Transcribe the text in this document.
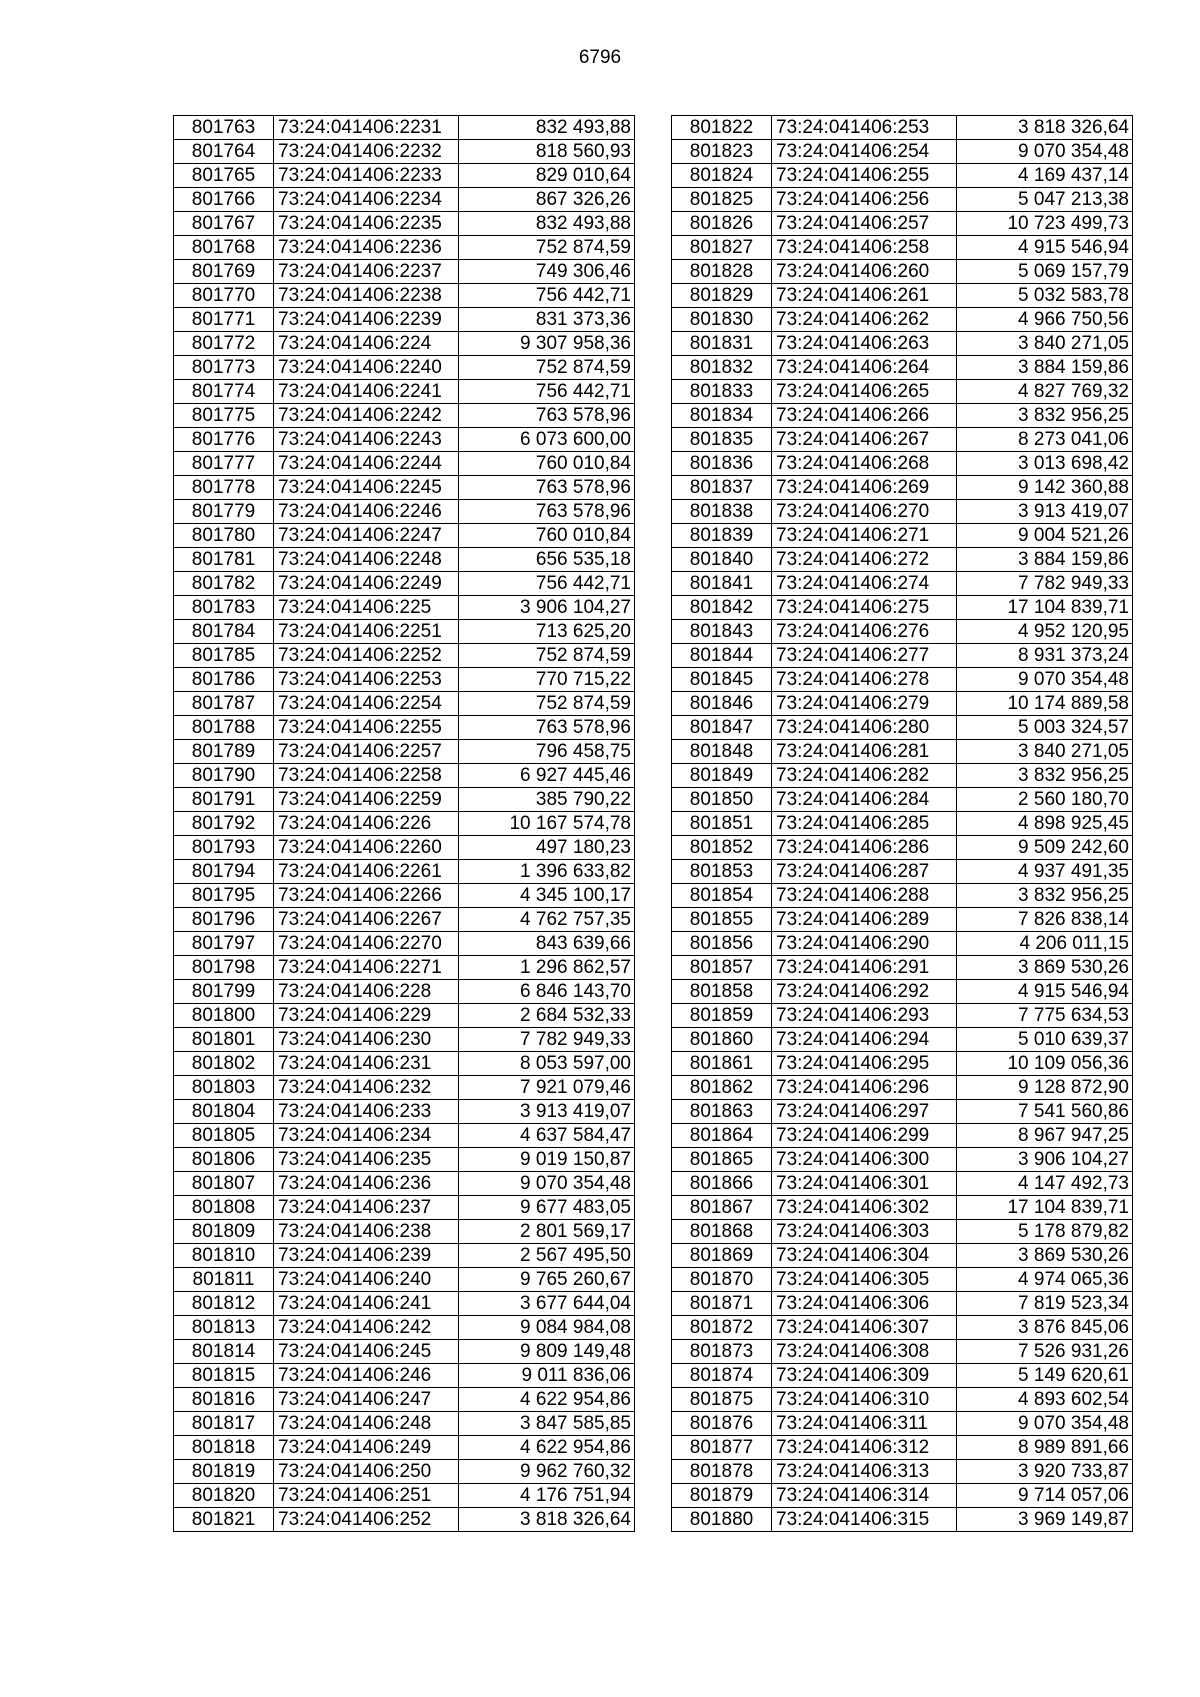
6796
801763	73:24:041406:2231	832 493,88
801764	73:24:041406:2232	818 560,93
801765	73:24:041406:2233	829 010,64
801766	73:24:041406:2234	867 326,26
801767	73:24:041406:2235	832 493,88
801768	73:24:041406:2236	752 874,59
801769	73:24:041406:2237	749 306,46
801770	73:24:041406:2238	756 442,71
801771	73:24:041406:2239	831 373,36
801772	73:24:041406:224	9 307 958,36
801773	73:24:041406:2240	752 874,59
801774	73:24:041406:2241	756 442,71
801775	73:24:041406:2242	763 578,96
801776	73:24:041406:2243	6 073 600,00
801777	73:24:041406:2244	760 010,84
801778	73:24:041406:2245	763 578,96
801779	73:24:041406:2246	763 578,96
801780	73:24:041406:2247	760 010,84
801781	73:24:041406:2248	656 535,18
801782	73:24:041406:2249	756 442,71
801783	73:24:041406:225	3 906 104,27
801784	73:24:041406:2251	713 625,20
801785	73:24:041406:2252	752 874,59
801786	73:24:041406:2253	770 715,22
801787	73:24:041406:2254	752 874,59
801788	73:24:041406:2255	763 578,96
801789	73:24:041406:2257	796 458,75
801790	73:24:041406:2258	6 927 445,46
801791	73:24:041406:2259	385 790,22
801792	73:24:041406:226	10 167 574,78
801793	73:24:041406:2260	497 180,23
801794	73:24:041406:2261	1 396 633,82
801795	73:24:041406:2266	4 345 100,17
801796	73:24:041406:2267	4 762 757,35
801797	73:24:041406:2270	843 639,66
801798	73:24:041406:2271	1 296 862,57
801799	73:24:041406:228	6 846 143,70
801800	73:24:041406:229	2 684 532,33
801801	73:24:041406:230	7 782 949,33
801802	73:24:041406:231	8 053 597,00
801803	73:24:041406:232	7 921 079,46
801804	73:24:041406:233	3 913 419,07
801805	73:24:041406:234	4 637 584,47
801806	73:24:041406:235	9 019 150,87
801807	73:24:041406:236	9 070 354,48
801808	73:24:041406:237	9 677 483,05
801809	73:24:041406:238	2 801 569,17
801810	73:24:041406:239	2 567 495,50
801811	73:24:041406:240	9 765 260,67
801812	73:24:041406:241	3 677 644,04
801813	73:24:041406:242	9 084 984,08
801814	73:24:041406:245	9 809 149,48
801815	73:24:041406:246	9 011 836,06
801816	73:24:041406:247	4 622 954,86
801817	73:24:041406:248	3 847 585,85
801818	73:24:041406:249	4 622 954,86
801819	73:24:041406:250	9 962 760,32
801820	73:24:041406:251	4 176 751,94
801821	73:24:041406:252	3 818 326,64
801822	73:24:041406:253	3 818 326,64
801823	73:24:041406:254	9 070 354,48
801824	73:24:041406:255	4 169 437,14
801825	73:24:041406:256	5 047 213,38
801826	73:24:041406:257	10 723 499,73
801827	73:24:041406:258	4 915 546,94
801828	73:24:041406:260	5 069 157,79
801829	73:24:041406:261	5 032 583,78
801830	73:24:041406:262	4 966 750,56
801831	73:24:041406:263	3 840 271,05
801832	73:24:041406:264	3 884 159,86
801833	73:24:041406:265	4 827 769,32
801834	73:24:041406:266	3 832 956,25
801835	73:24:041406:267	8 273 041,06
801836	73:24:041406:268	3 013 698,42
801837	73:24:041406:269	9 142 360,88
801838	73:24:041406:270	3 913 419,07
801839	73:24:041406:271	9 004 521,26
801840	73:24:041406:272	3 884 159,86
801841	73:24:041406:274	7 782 949,33
801842	73:24:041406:275	17 104 839,71
801843	73:24:041406:276	4 952 120,95
801844	73:24:041406:277	8 931 373,24
801845	73:24:041406:278	9 070 354,48
801846	73:24:041406:279	10 174 889,58
801847	73:24:041406:280	5 003 324,57
801848	73:24:041406:281	3 840 271,05
801849	73:24:041406:282	3 832 956,25
801850	73:24:041406:284	2 560 180,70
801851	73:24:041406:285	4 898 925,45
801852	73:24:041406:286	9 509 242,60
801853	73:24:041406:287	4 937 491,35
801854	73:24:041406:288	3 832 956,25
801855	73:24:041406:289	7 826 838,14
801856	73:24:041406:290	4 206 011,15
801857	73:24:041406:291	3 869 530,26
801858	73:24:041406:292	4 915 546,94
801859	73:24:041406:293	7 775 634,53
801860	73:24:041406:294	5 010 639,37
801861	73:24:041406:295	10 109 056,36
801862	73:24:041406:296	9 128 872,90
801863	73:24:041406:297	7 541 560,86
801864	73:24:041406:299	8 967 947,25
801865	73:24:041406:300	3 906 104,27
801866	73:24:041406:301	4 147 492,73
801867	73:24:041406:302	17 104 839,71
801868	73:24:041406:303	5 178 879,82
801869	73:24:041406:304	3 869 530,26
801870	73:24:041406:305	4 974 065,36
801871	73:24:041406:306	7 819 523,34
801872	73:24:041406:307	3 876 845,06
801873	73:24:041406:308	7 526 931,26
801874	73:24:041406:309	5 149 620,61
801875	73:24:041406:310	4 893 602,54
801876	73:24:041406:311	9 070 354,48
801877	73:24:041406:312	8 989 891,66
801878	73:24:041406:313	3 920 733,87
801879	73:24:041406:314	9 714 057,06
801880	73:24:041406:315	3 969 149,87
